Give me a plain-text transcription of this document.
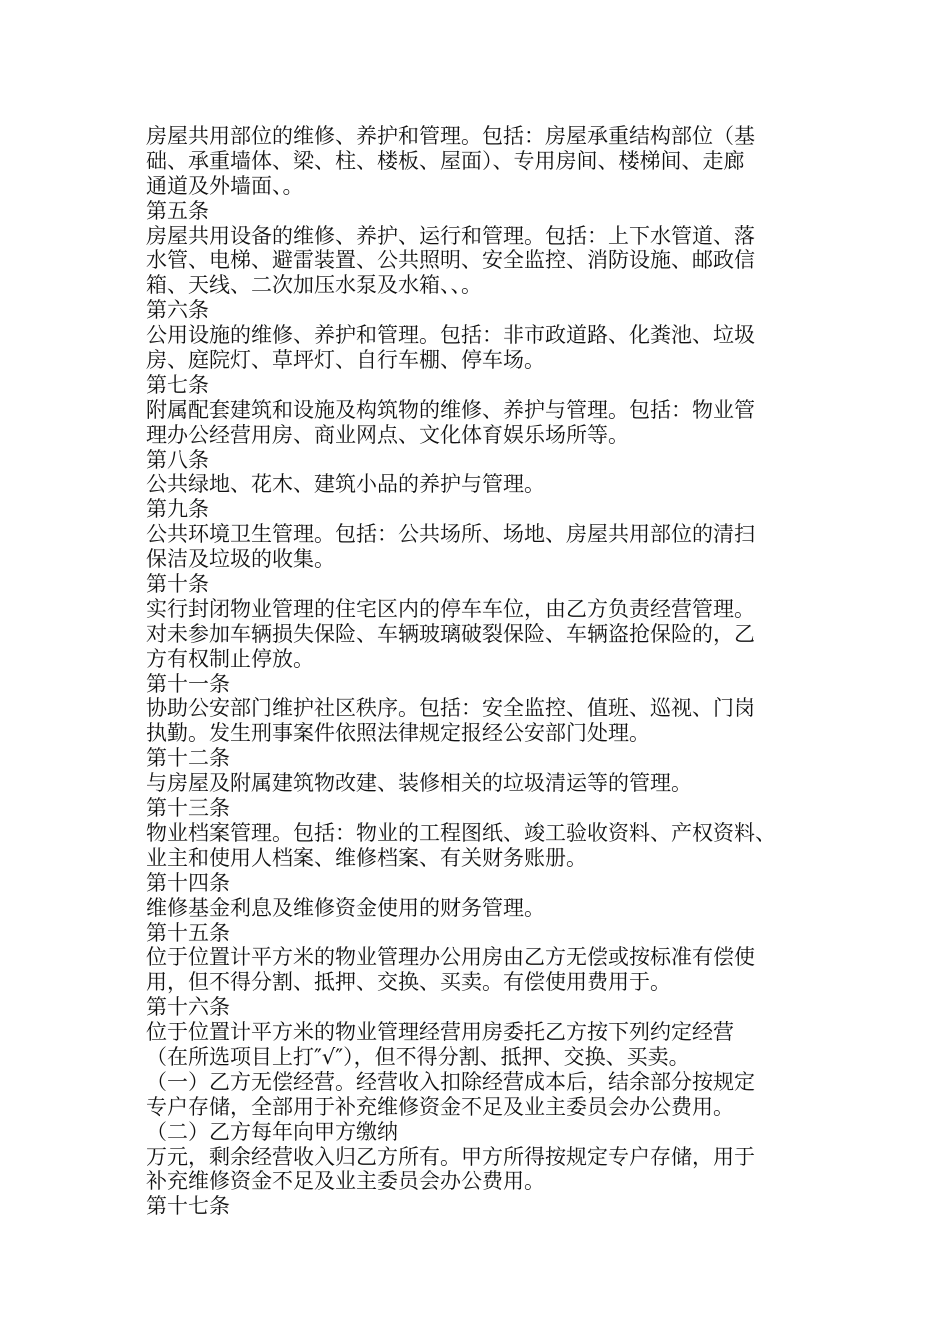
房屋共用部位的维修、养护和管理。包括：房屋承重结构部位（基
础、承重墙体、梁、柱、楼板、屋面）、专用房间、楼梯间、走廊
通道及外墙面、。
第五条
房屋共用设备的维修、养护、运行和管理。包括：上下水管道、落
水管、电梯、避雷装置、公共照明、安全监控、消防设施、邮政信
箱、天线、二次加压水泵及水箱、、。
第六条
公用设施的维修、养护和管理。包括：非市政道路、化粪池、垃圾
房、庭院灯、草坪灯、自行车棚、停车场。
第七条
附属配套建筑和设施及构筑物的维修、养护与管理。包括：物业管
理办公经营用房、商业网点、文化体育娱乐场所等。
第八条
公共绿地、花木、建筑小品的养护与管理。
第九条
公共环境卫生管理。包括：公共场所、场地、房屋共用部位的清扫
保洁及垃圾的收集。
第十条
实行封闭物业管理的住宅区内的停车车位，由乙方负责经营管理。
对未参加车辆损失保险、车辆玻璃破裂保险、车辆盗抢保险的，乙
方有权制止停放。
第十一条
协助公安部门维护社区秩序。包括：安全监控、值班、巡视、门岗
执勤。发生刑事案件依照法律规定报经公安部门处理。
第十二条
与房屋及附属建筑物改建、装修相关的垃圾清运等的管理。
第十三条
物业档案管理。包括：物业的工程图纸、竣工验收资料、产权资料、
业主和使用人档案、维修档案、有关财务账册。
第十四条
维修基金利息及维修资金使用的财务管理。
第十五条
位于位置计平方米的物业管理办公用房由乙方无偿或按标准有偿使
用，但不得分割、抵押、交换、买卖。有偿使用费用于。
第十六条
位于位置计平方米的物业管理经营用房委托乙方按下列约定经营
（在所选项目上打″√″），但不得分割、抵押、交换、买卖。
（一）乙方无偿经营。经营收入扣除经营成本后，结余部分按规定
专户存储，全部用于补充维修资金不足及业主委员会办公费用。
（二）乙方每年向甲方缴纳
万元，剩余经营收入归乙方所有。甲方所得按规定专户存储，用于
补充维修资金不足及业主委员会办公费用。
第十七条
